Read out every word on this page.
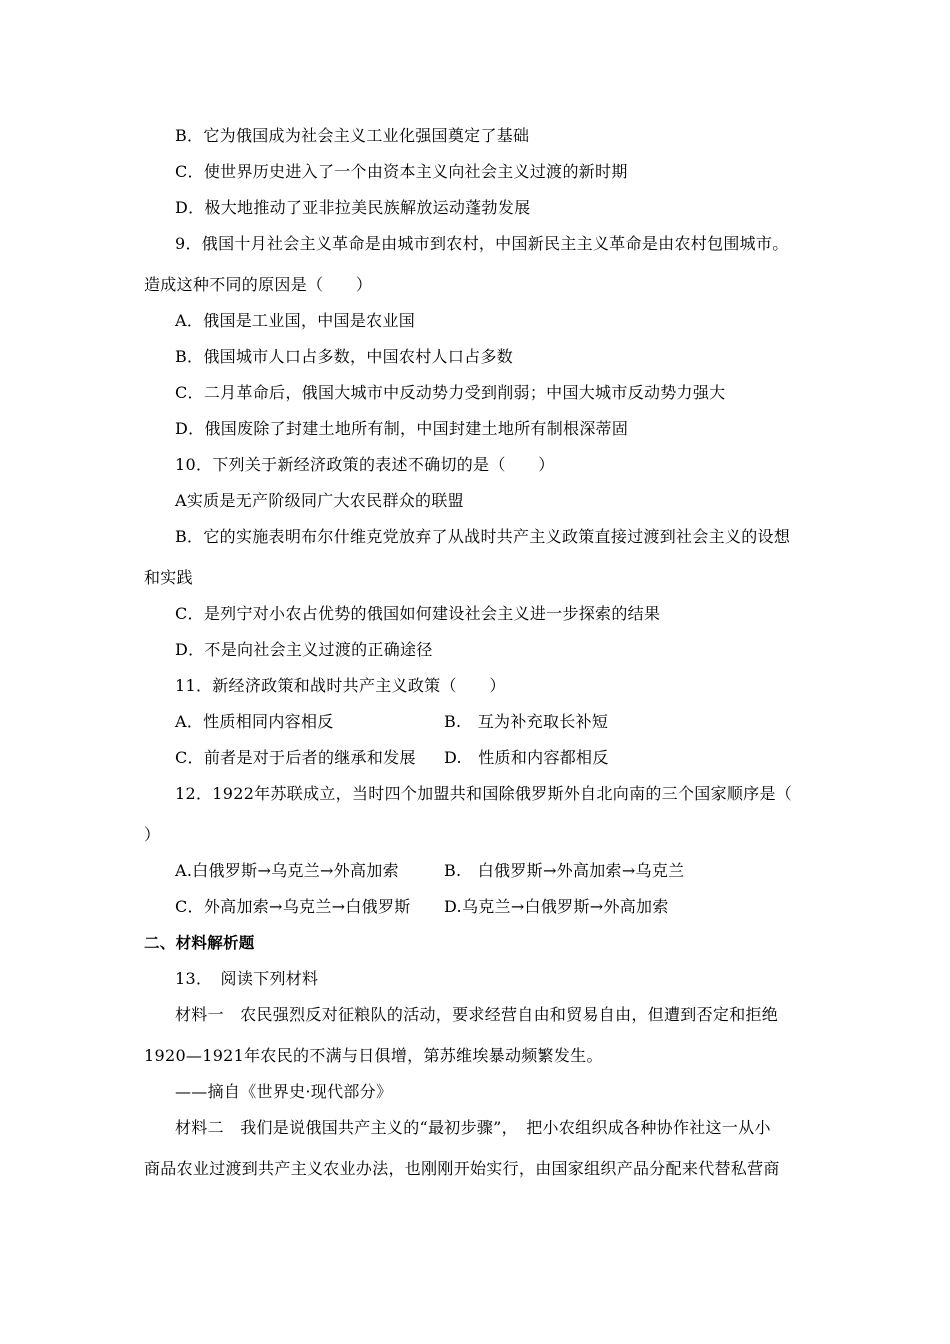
B．它为俄国成为社会主义工业化强国奠定了基础
C．使世界历史进入了一个由资本主义向社会主义过渡的新时期
D．极大地推动了亚非拉美民族解放运动蓬勃发展
9．俄国十月社会主义革命是由城市到农村，中国新民主主义革命是由农村包围城市。
造成这种不同的原因是（　　）
A．俄国是工业国，中国是农业国
B．俄国城市人口占多数，中国农村人口占多数
C．二月革命后，俄国大城市中反动势力受到削弱；中国大城市反动势力强大
D．俄国废除了封建土地所有制，中国封建土地所有制根深蒂固
10．下列关于新经济政策的表述不确切的是（　　）
A实质是无产阶级同广大农民群众的联盟
B．它的实施表明布尔什维克党放弃了从战时共产主义政策直接过渡到社会主义的设想
和实践
C．是列宁对小农占优势的俄国如何建设社会主义进一步探索的结果
D．不是向社会主义过渡的正确途径
11．新经济政策和战时共产主义政策（　　）
A．性质相同内容相反	B.　互为补充取长补短
C．前者是对于后者的继承和发展 D.　性质和内容都相反
12．1922年苏联成立，当时四个加盟共和国除俄罗斯外自北向南的三个国家顺序是（
）
A.白俄罗斯→乌克兰→外高加索	B.　白俄罗斯→外高加索→乌克兰
C．外高加索→乌克兰→白俄罗斯 D.乌克兰→白俄罗斯→外高加索
二、材料解析题
13．　阅读下列材料
材料一　农民强烈反对征粮队的活动，要求经营自由和贸易自由，但遭到否定和拒绝
1920—1921年农民的不满与日俱增，第苏维埃暴动频繁发生。
——摘自《世界史·现代部分》
材料二　我们是说俄国共产主义的“最初步骤”，　把小农组织成各种协作社这一从小
商品农业过渡到共产主义农业办法，也刚刚开始实行，由国家组织产品分配来代替私营商
